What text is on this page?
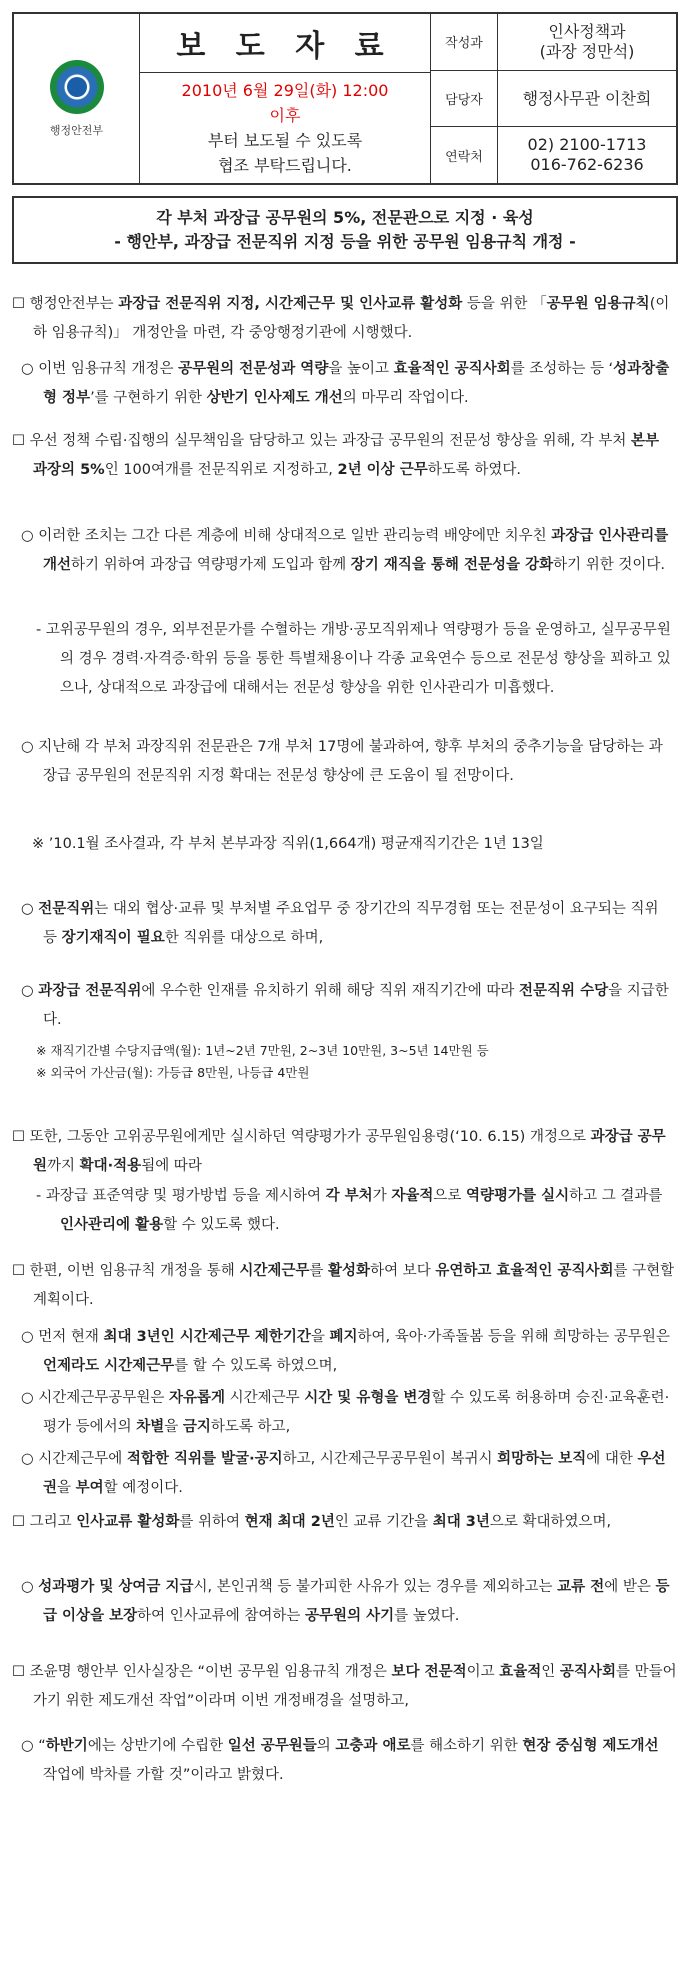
행정안전부
보 도 자 료
2010년 6월 29일(화) 12:00
이후
부터 보도될 수 있도록
협조 부탁드립니다.
작성과
인사정책과
(과장 정만석)
담당자	행정사무관 이찬희
연락처
02) 2100-1713
016-762-6236
각 부처 과장급 공무원의 5%, 전문관으로 지정 · 육성
- 행안부, 과장급 전문직위 지정 등을 위한 공무원 임용규칙 개정 -
☐ 행정안전부는 과장급 전문직위 지정, 시간제근무 및 인사교류 활성화 등을 위한 「공무원 임용규칙(이하 임용규칙)」 개정안을 마련, 각 중앙행정기관에 시행했다.
○ 이번 임용규칙 개정은 공무원의 전문성과 역량을 높이고 효율적인 공직사회를 조성하는 등 ‘성과창출형 정부’를 구현하기 위한 상반기 인사제도 개선의 마무리 작업이다.
☐ 우선 정책 수립·집행의 실무책임을 담당하고 있는 과장급 공무원의 전문성 향상을 위해, 각 부처 본부 과장의 5%인 100여개를 전문직위로 지정하고, 2년 이상 근무하도록 하였다.
○ 이러한 조치는 그간 다른 계층에 비해 상대적으로 일반 관리능력 배양에만 치우친 과장급 인사관리를 개선하기 위하여 과장급 역량평가제 도입과 함께 장기 재직을 통해 전문성을 강화하기 위한 것이다.
- 고위공무원의 경우, 외부전문가를 수혈하는 개방·공모직위제나 역량평가 등을 운영하고, 실무공무원의 경우 경력·자격증·학위 등을 통한 특별채용이나 각종 교육연수 등으로 전문성 향상을 꾀하고 있으나, 상대적으로 과장급에 대해서는 전문성 향상을 위한 인사관리가 미흡했다.
○ 지난해 각 부처 과장직위 전문관은 7개 부처 17명에 불과하여, 향후 부처의 중추기능을 담당하는 과장급 공무원의 전문직위 지정 확대는 전문성 향상에 큰 도움이 될 전망이다.
※ ’10.1월 조사결과, 각 부처 본부과장 직위(1,664개) 평균재직기간은 1년 13일
○ 전문직위는 대외 협상·교류 및 부처별 주요업무 중 장기간의 직무경험 또는 전문성이 요구되는 직위 등 장기재직이 필요한 직위를 대상으로 하며,
○ 과장급 전문직위에 우수한 인재를 유치하기 위해 해당 직위 재직기간에 따라 전문직위 수당을 지급한다.
※ 재직기간별 수당지급액(월): 1년~2년 7만원, 2~3년 10만원, 3~5년 14만원 등
※ 외국어 가산금(월): 가등급 8만원, 나등급 4만원
☐ 또한, 그동안 고위공무원에게만 실시하던 역량평가가 공무원임용령(‘10. 6.15) 개정으로 과장급 공무원까지 확대·적용됨에 따라
- 과장급 표준역량 및 평가방법 등을 제시하여 각 부처가 자율적으로 역량평가를 실시하고 그 결과를 인사관리에 활용할 수 있도록 했다.
☐ 한편, 이번 임용규칙 개정을 통해 시간제근무를 활성화하여 보다 유연하고 효율적인 공직사회를 구현할 계획이다.
○ 먼저 현재 최대 3년인 시간제근무 제한기간을 폐지하여, 육아·가족돌봄 등을 위해 희망하는 공무원은 언제라도 시간제근무를 할 수 있도록 하였으며,
○ 시간제근무공무원은 자유롭게 시간제근무 시간 및 유형을 변경할 수 있도록 허용하며 승진·교육훈련·평가 등에서의 차별을 금지하도록 하고,
○ 시간제근무에 적합한 직위를 발굴·공지하고, 시간제근무공무원이 복귀시 희망하는 보직에 대한 우선권을 부여할 예정이다.
☐ 그리고 인사교류 활성화를 위하여 현재 최대 2년인 교류 기간을 최대 3년으로 확대하였으며,
○ 성과평가 및 상여금 지급시, 본인귀책 등 불가피한 사유가 있는 경우를 제외하고는 교류 전에 받은 등급 이상을 보장하여 인사교류에 참여하는 공무원의 사기를 높였다.
☐ 조윤명 행안부 인사실장은 “이번 공무원 임용규칙 개정은 보다 전문적이고 효율적인 공직사회를 만들어가기 위한 제도개선 작업”이라며 이번 개정배경을 설명하고,
○ “하반기에는 상반기에 수립한 일선 공무원들의 고충과 애로를 해소하기 위한 현장 중심형 제도개선 작업에 박차를 가할 것”이라고 밝혔다.
